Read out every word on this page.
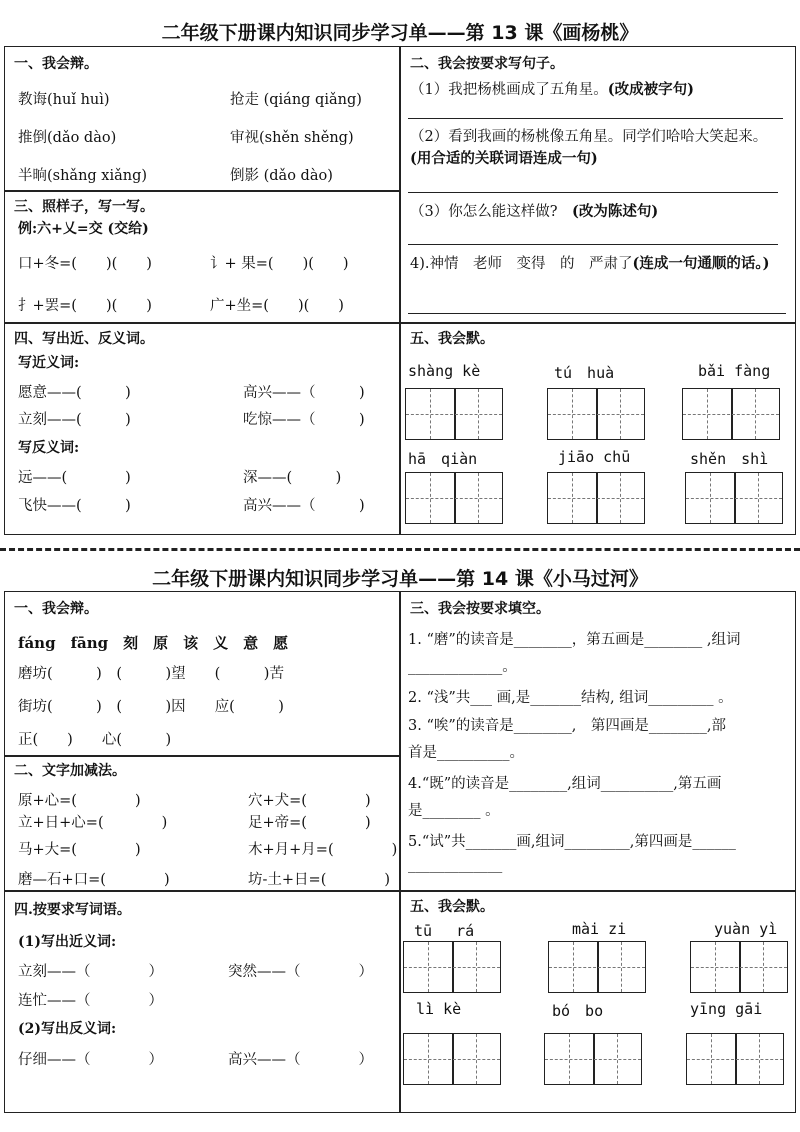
二年级下册课内知识同步学习单——第 13 课《画杨桃》
一、我会辩。
教诲(huǐ huì)	抢走 (qiáng qiǎng)
推倒(dǎo dào)	审视(shěn shěng)
半晌(shǎng xiǎng)	倒影 (dǎo dào)
三、照样子，写一写。
例:六+乂=交 (交给)
口+冬=(　　)(　　)	讠+ 果=(　　)(　　)
扌+罢=(　　)(　　)	广+坐=(　　)(　　)
四、写出近、反义词。
写近义词:
愿意——(　　　)	高兴——（　　　)
立刻——(　　　)	吃惊——（　　　)
写反义词:
远——(　　　　)	深——(　　　)
飞快——(　　　)	高兴——（　　　)
二、我会按要求写句子。
（1）我把杨桃画成了五角星。(改成被字句)
（2）看到我画的杨桃像五角星。同学们哈哈大笑起来。(用合适的关联词语连成一句)
（3）你怎么能这样做?　 (改为陈述句)
4).神情　老师　变得　的　严肃了(连成一句通顺的话。)
五、我会默。
shàng kè	tú　huà	bǎi fàng
hā　qiàn	jiāo chū	shěn　shì
二年级下册课内知识同步学习单——第 14 课《小马过河》
一、我会辩。
fáng　fāng　刻　原　该　义　意　愿
磨坊(　　　)　(　　　)望　　(　　　)苦
街坊(　　　)　(　　　)因　　应(　　　)
正(　　)　　心(　　　)
二、文字加减法。
原+心=(　　　　)	穴+犬=(　　　　)
立+日+心=(　　　　)	足+帝=(　　　　)
马+大=(　　　　)	木+月+月=(　　　　)
磨—石+口=(　　　　)	坊-土+日=(　　　　)
四.按要求写词语。
(1)写出近义词:
立刻——（　　　　）	突然——（　　　　）
连忙——（　　　　）
(2)写出反义词:
仔细——（　　　　）	高兴——（　　　　）
三、我会按要求填空。
1. “磨”的读音是________，第五画是________ ,组词
_____________。
2. “浅”共___ 画,是_______结构, 组词_________ 。
3. “唉”的读音是________,　第四画是________,部
首是__________。
4.“既”的读音是________,组词__________,第五画
是________ 。
5.“试”共_______画,组词_________,第四画是______
_____________
五、我会默。
tū　 rá	mài zi	yuàn yì
lì kè	bó　bo	yīng gāi
